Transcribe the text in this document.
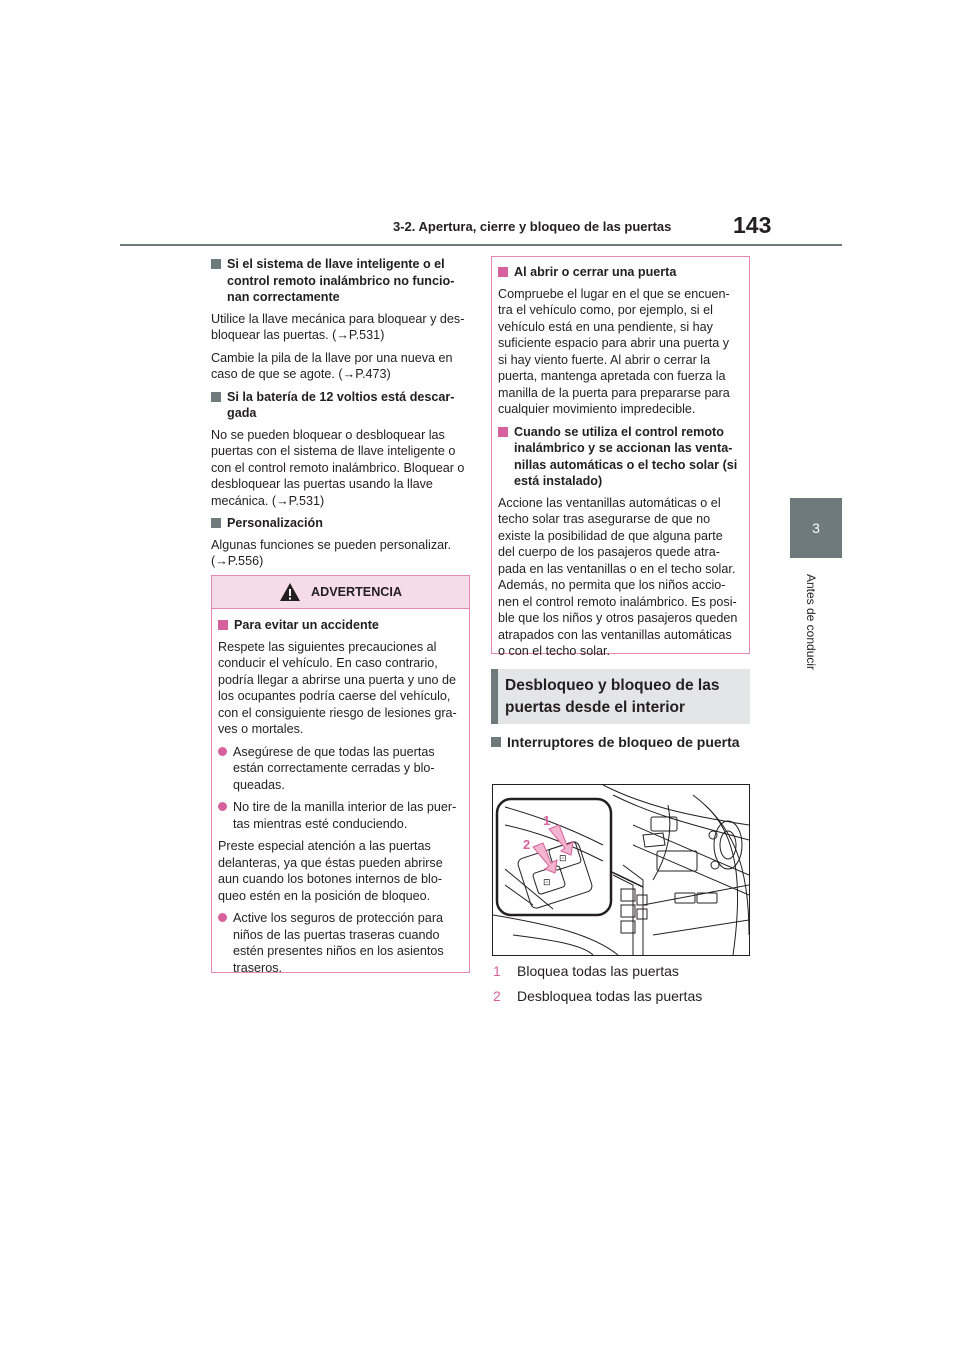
3-2. Apertura, cierre y bloqueo de las puertas	143
3
Antes de conducir
Si el sistema de llave inteligente o el control remoto inalámbrico no funcio-nan correctamente

Utilice la llave mecánica para bloquear y des-bloquear las puertas. (→P.531)

Cambie la pila de la llave por una nueva en caso de que se agote. (→P.473)

Si la batería de 12 voltios está descar-gada

No se pueden bloquear o desbloquear las puertas con el sistema de llave inteligente o con el control remoto inalámbrico. Bloquear o desbloquear las puertas usando la llave mecánica. (→P.531)

Personalización

Algunas funciones se pueden personalizar. (→P.556)

ADVERTENCIA
Para evitar un accidente

Respete las siguientes precauciones al conducir el vehículo. En caso contrario, podría llegar a abrirse una puerta y uno de los ocupantes podría caerse del vehículo, con el consiguiente riesgo de lesiones gra-ves o mortales.

Asegúrese de que todas las puertas están correctamente cerradas y blo-queadas.
No tire de la manilla interior de las puer-tas mientras esté conduciendo.

Preste especial atención a las puertas delanteras, ya que éstas pueden abrirse aun cuando los botones internos de blo-queo estén en la posición de bloqueo.

Active los seguros de protección para niños de las puertas traseras cuando estén presentes niños en los asientos traseros.
Al abrir o cerrar una puerta

Compruebe el lugar en el que se encuen-tra el vehículo como, por ejemplo, si el vehículo está en una pendiente, si hay suficiente espacio para abrir una puerta y si hay viento fuerte. Al abrir o cerrar la puerta, mantenga apretada con fuerza la manilla de la puerta para prepararse para cualquier movimiento impredecible.

Cuando se utiliza el control remoto inalámbrico y se accionan las venta-nillas automáticas o el techo solar (si está instalado)

Accione las ventanillas automáticas o el techo solar tras asegurarse de que no existe la posibilidad de que alguna parte del cuerpo de los pasajeros quede atra-pada en las ventanillas o en el techo solar. Además, no permita que los niños accio-nen el control remoto inalámbrico. Es posi-ble que los niños y otros pasajeros queden atrapados con las ventanillas automáticas o con el techo solar.

Desbloqueo y bloqueo de las puertas desde el interior
Interruptores de bloqueo de puerta
⊡
⊡
1
2
1	Bloquea todas las puertas
2	Desbloquea todas las puertas
